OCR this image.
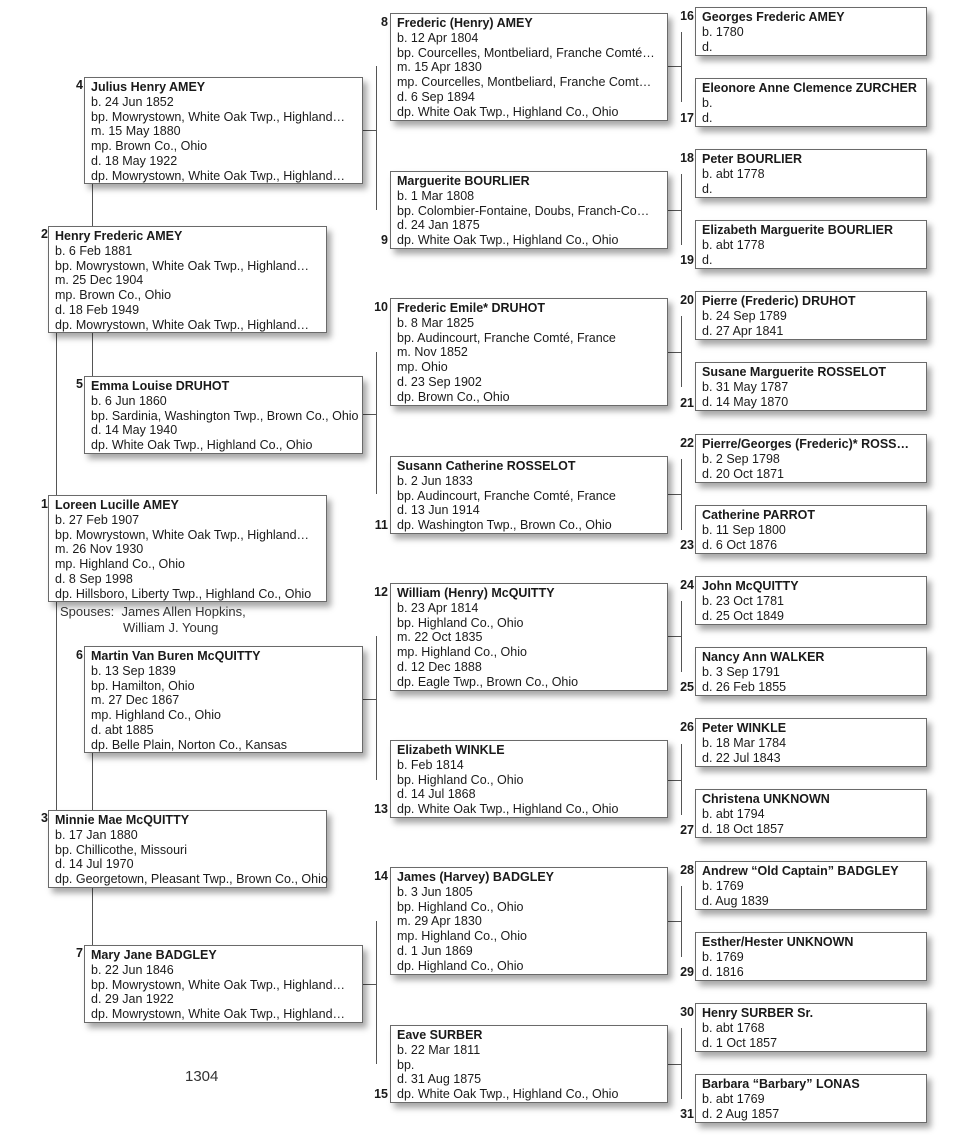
1 Loreen Lucille AMEY
b. 27 Feb 1907
bp. Mowrystown, White Oak Twp., Highland…
m. 26 Nov 1930
mp. Highland Co., Ohio
d. 8 Sep 1998
dp. Hillsboro, Liberty Twp., Highland Co., Ohio
Spouses: James Allen Hopkins,
William J. Young
2 Henry Frederic AMEY
b. 6 Feb 1881
bp. Mowrystown, White Oak Twp., Highland…
m. 25 Dec 1904
mp. Brown Co., Ohio
d. 18 Feb 1949
dp. Mowrystown, White Oak Twp., Highland…
3 Minnie Mae McQUITTY
b. 17 Jan 1880
bp. Chillicothe, Missouri
d. 14 Jul 1970
dp. Georgetown, Pleasant Twp., Brown Co., Ohio
4 Julius Henry AMEY
b. 24 Jun 1852
bp. Mowrystown, White Oak Twp., Highland…
m. 15 May 1880
mp. Brown Co., Ohio
d. 18 May 1922
dp. Mowrystown, White Oak Twp., Highland…
5 Emma Louise DRUHOT
b. 6 Jun 1860
bp. Sardinia, Washington Twp., Brown Co., Ohio
d. 14 May 1940
dp. White Oak Twp., Highland Co., Ohio
6 Martin Van Buren McQUITTY
b. 13 Sep 1839
bp. Hamilton, Ohio
m. 27 Dec 1867
mp. Highland Co., Ohio
d. abt 1885
dp. Belle Plain, Norton Co., Kansas
7 Mary Jane BADGLEY
b. 22 Jun 1846
bp. Mowrystown, White Oak Twp., Highland…
d. 29 Jan 1922
dp. Mowrystown, White Oak Twp., Highland…
1304
8 Frederic (Henry) AMEY
b. 12 Apr 1804
bp. Courcelles, Montbeliard, Franche Comté…
m. 15 Apr 1830
mp. Courcelles, Montbeliard, Franche Comt…
d. 6 Sep 1894
dp. White Oak Twp., Highland Co., Ohio
Marguerite BOURLIER
b. 1 Mar 1808
bp. Colombier-Fontaine, Doubs, Franch-Co…
d. 24 Jan 1875
dp. White Oak Twp., Highland Co., Ohio
9
10 Frederic Emile* DRUHOT
b. 8 Mar 1825
bp. Audincourt, Franche Comté, France
m. Nov 1852
mp. Ohio
d. 23 Sep 1902
dp. Brown Co., Ohio
Susann Catherine ROSSELOT
b. 2 Jun 1833
bp. Audincourt, Franche Comté, France
d. 13 Jun 1914
dp. Washington Twp., Brown Co., Ohio
11
12 William (Henry) McQUITTY
b. 23 Apr 1814
bp. Highland Co., Ohio
m. 22 Oct 1835
mp. Highland Co., Ohio
d. 12 Dec 1888
dp. Eagle Twp., Brown Co., Ohio
Elizabeth WINKLE
b. Feb 1814
bp. Highland Co., Ohio
d. 14 Jul 1868
dp. White Oak Twp., Highland Co., Ohio
13
14 James (Harvey) BADGLEY
b. 3 Jun 1805
bp. Highland Co., Ohio
m. 29 Apr 1830
mp. Highland Co., Ohio
d. 1 Jun 1869
dp. Highland Co., Ohio
Eave SURBER
b. 22 Mar 1811
bp.
d. 31 Aug 1875
dp. White Oak Twp., Highland Co., Ohio
15
16 Georges Frederic AMEY
b. 1780
d.
Eleonore Anne Clemence ZURCHER
b.
d.
17
18 Peter BOURLIER
b. abt 1778
d.
Elizabeth Marguerite BOURLIER
b. abt 1778
d.
19
20 Pierre (Frederic) DRUHOT
b. 24 Sep 1789
d. 27 Apr 1841
Susane Marguerite ROSSELOT
b. 31 May 1787
d. 14 May 1870
21
22 Pierre/Georges (Frederic)* ROSS…
b. 2 Sep 1798
d. 20 Oct 1871
Catherine PARROT
b. 11 Sep 1800
d. 6 Oct 1876
23
24 John McQUITTY
b. 23 Oct 1781
d. 25 Oct 1849
Nancy Ann WALKER
b. 3 Sep 1791
d. 26 Feb 1855
25
26 Peter WINKLE
b. 18 Mar 1784
d. 22 Jul 1843
Christena UNKNOWN
b. abt 1794
d. 18 Oct 1857
27
28 Andrew “Old Captain” BADGLEY
b. 1769
d. Aug 1839
Esther/Hester UNKNOWN
b. 1769
d. 1816
29
30 Henry SURBER Sr.
b. abt 1768
d. 1 Oct 1857
Barbara “Barbary” LONAS
b. abt 1769
d. 2 Aug 1857
31
